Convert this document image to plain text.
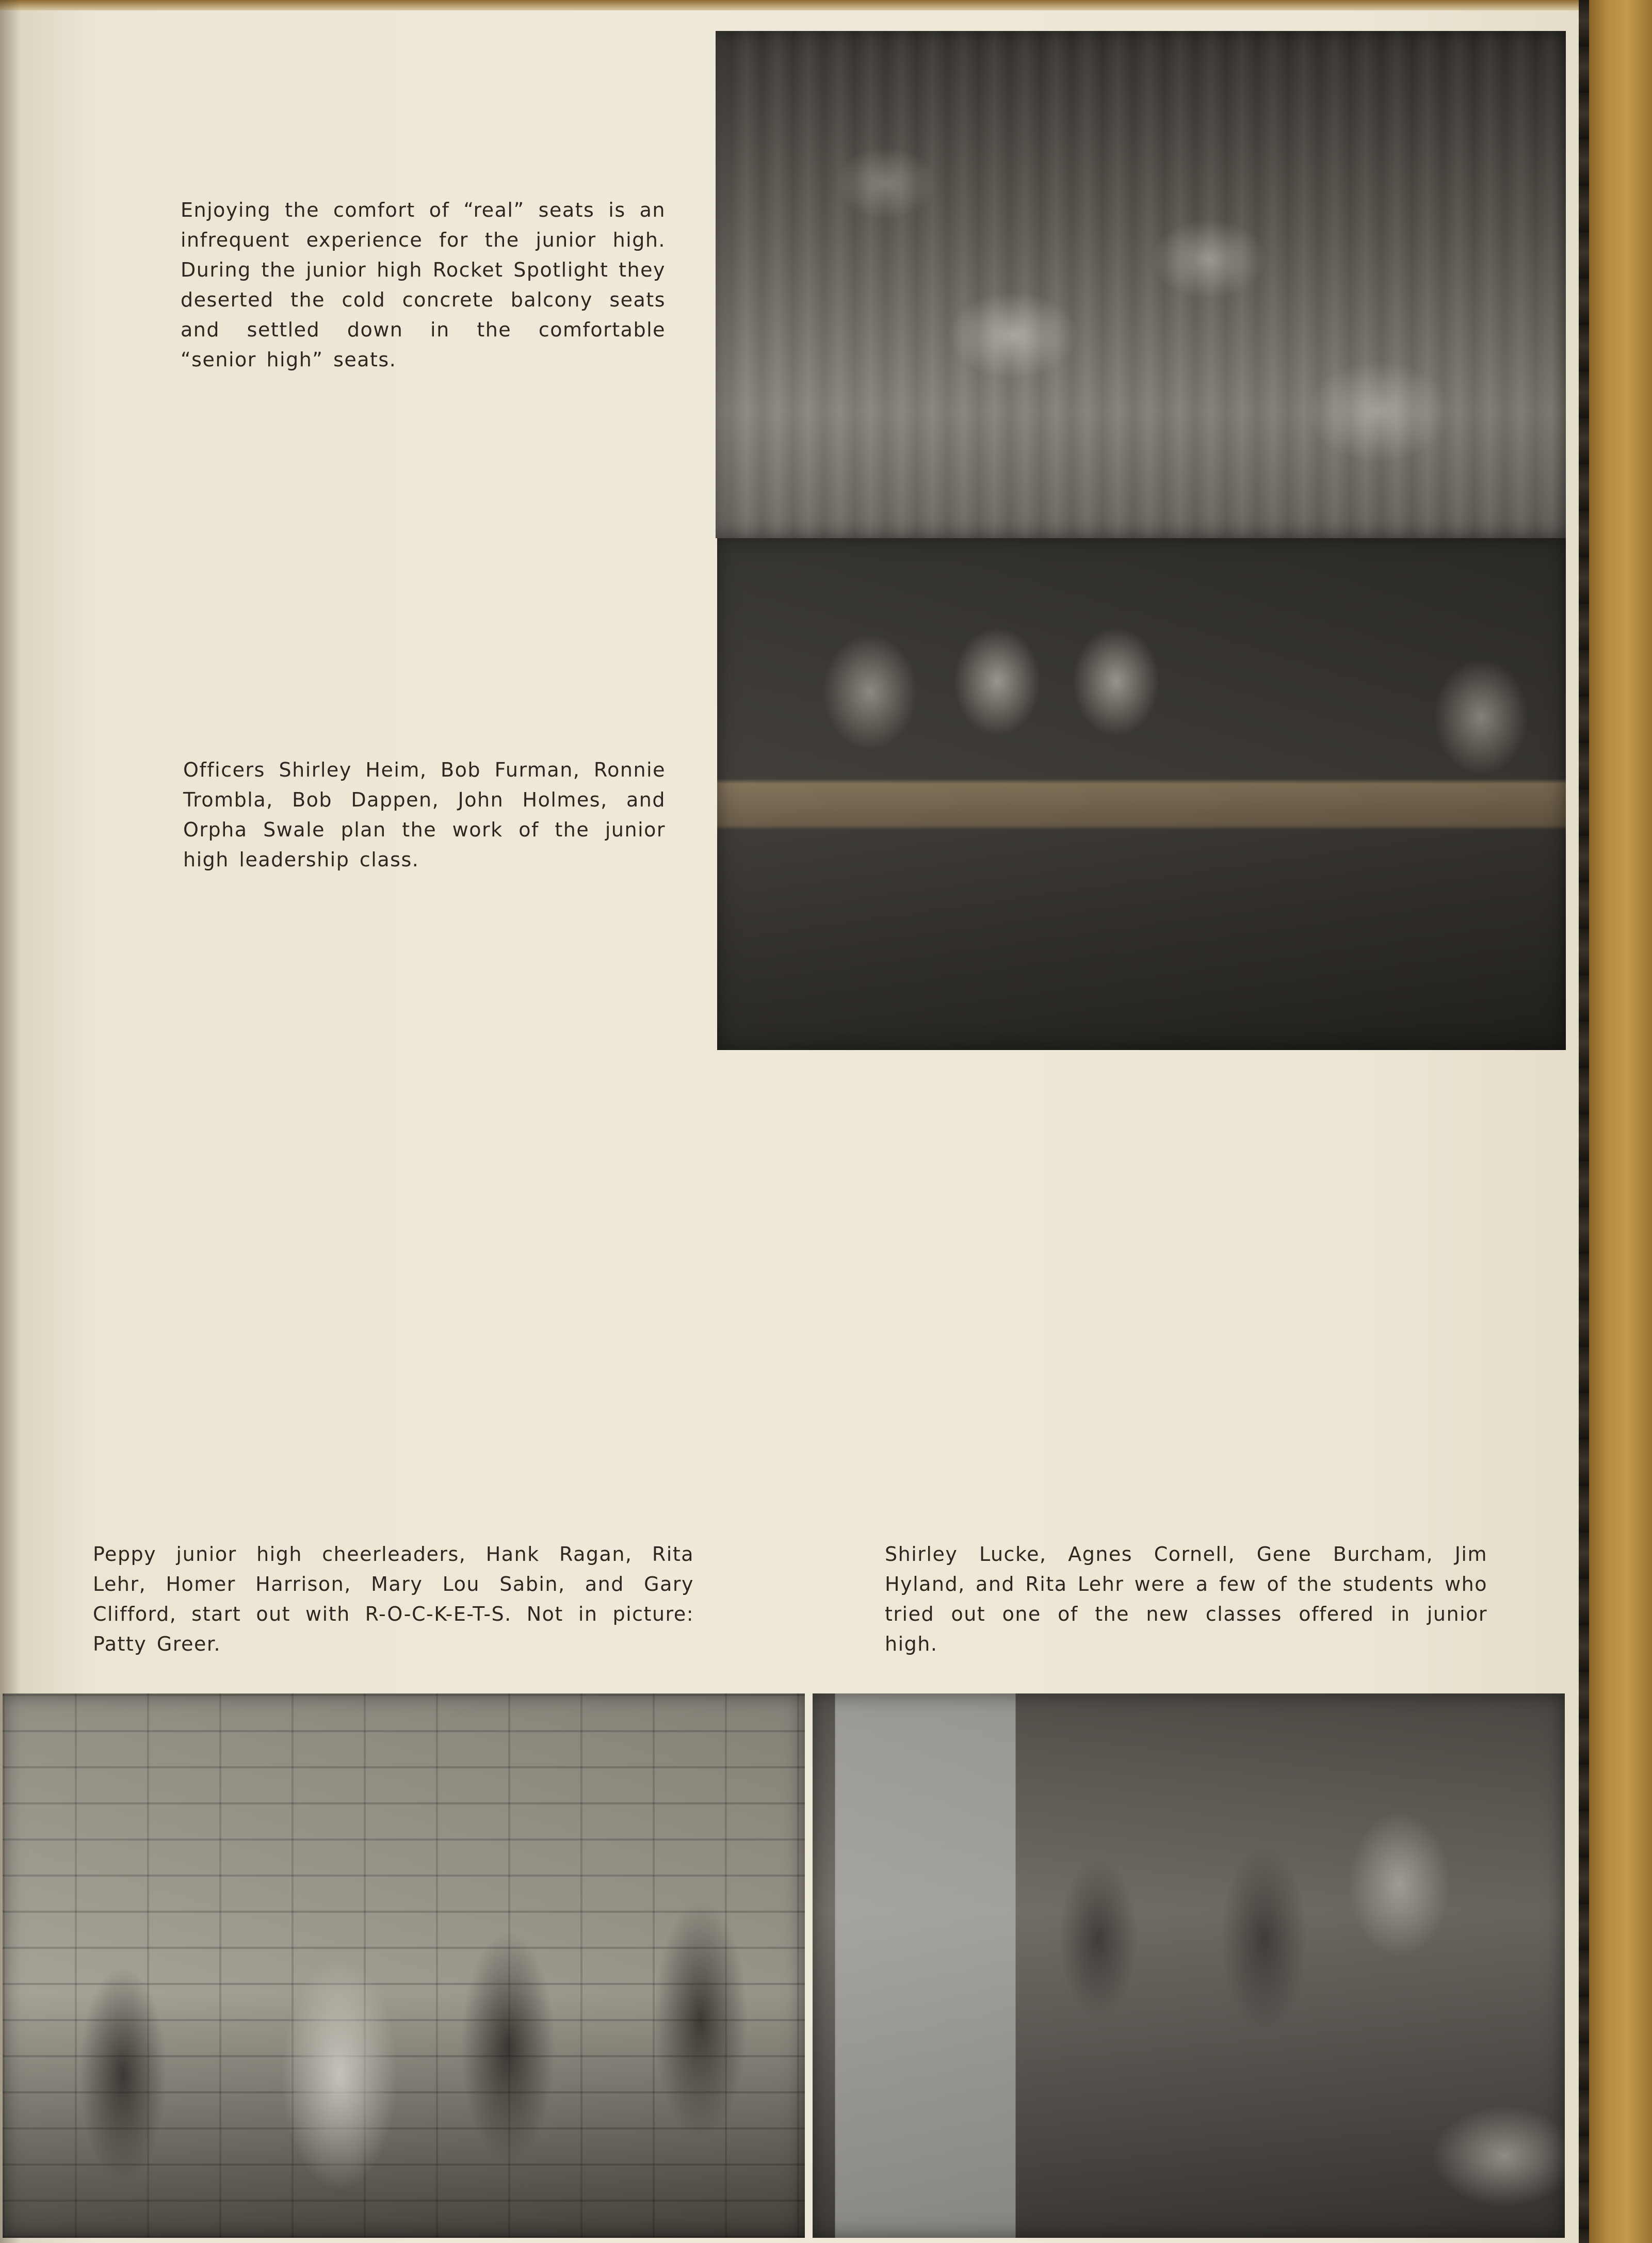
Enjoying the comfort of “real” seats is an infrequent experience for the junior high. During the junior high Rocket Spotlight they deserted the cold concrete balcony seats and settled down in the comfortable “senior high” seats.

Officers Shirley Heim, Bob Furman, Ronnie Trombla, Bob Dappen, John Holmes, and Orpha Swale plan the work of the junior high leadership class.

Peppy junior high cheerleaders, Hank Ragan, Rita Lehr, Homer Harrison, Mary Lou Sabin, and Gary Clifford, start out with R-O-C-K-E-T-S. Not in picture: Patty Greer.

Shirley Lucke, Agnes Cornell, Gene Burcham, Jim Hyland, and Rita Lehr were a few of the students who tried out one of the new classes offered in junior high.
